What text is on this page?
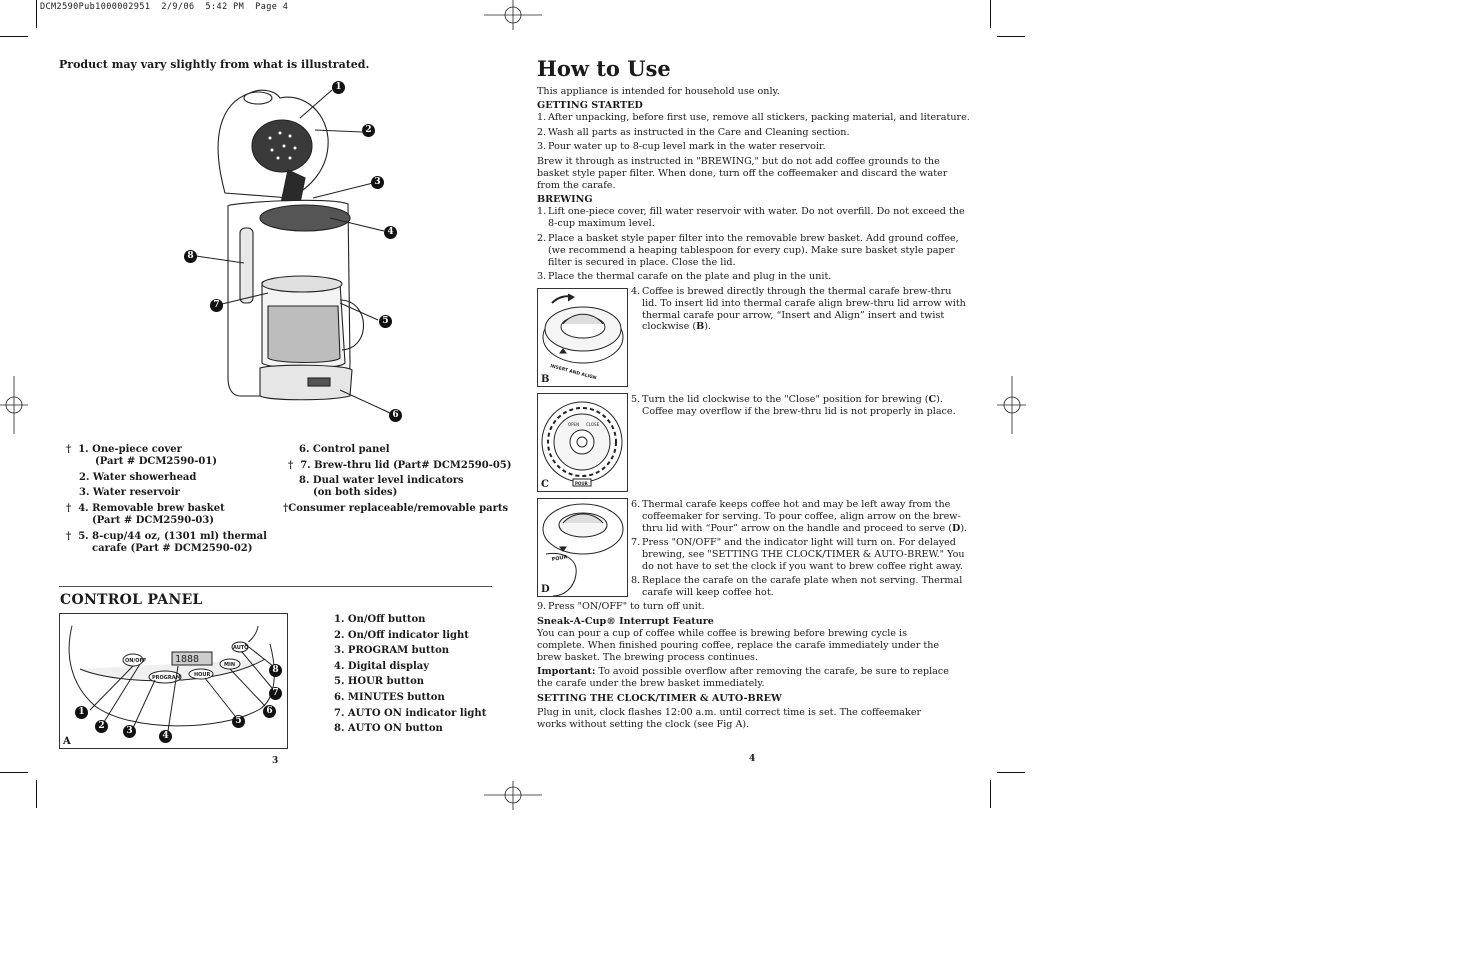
DCM2590Pub1000002951  2/9/06  5:42 PM  Page 4
Product may vary slightly from what is illustrated.
1
2
3
4
5
6
7
8
† 1. One-piece cover
(Part # DCM2590-01)
2. Water showerhead
3. Water reservoir
† 4. Removable brew basket
(Part # DCM2590-03)
† 5. 8-cup/44 oz, (1301 ml) thermal
carafe (Part # DCM2590-02)
6. Control panel
† 7. Brew-thru lid (Part# DCM2590-05)
8. Dual water level indicators
(on both sides)
†Consumer replaceable/removable parts
CONTROL PANEL
1888
ON/OFF
PROGRAM	HOUR
MIN
AUTO
A
1
2	3	4
5
6
7
8
1. On/Off button
2. On/Off indicator light
3. PROGRAM button
4. Digital display
5. HOUR button
6. MINUTES button
7. AUTO ON indicator light
8. AUTO ON button
3
How to Use
This appliance is intended for household use only.
GETTING STARTED
1. After unpacking, before first use, remove all stickers, packing material, and literature.
2. Wash all parts as instructed in the Care and Cleaning section.
3. Pour water up to 8-cup level mark in the water reservoir.
Brew it through as instructed in "BREWING," but do not add coffee grounds to the basket style paper filter. When done, turn off the coffeemaker and discard the water from the carafe.
BREWING
1. Lift one-piece cover, fill water reservoir with water. Do not overfill. Do not exceed the 8-cup maximum level.
2. Place a basket style paper filter into the removable brew basket. Add ground coffee, (we recommend a heaping tablespoon for every cup). Make sure basket style paper filter is secured in place. Close the lid.
3. Place the thermal carafe on the plate and plug in the unit.
INSERT AND ALIGN
B
4. Coffee is brewed directly through the thermal carafe brew-thru lid. To insert lid into thermal carafe align brew-thru lid arrow with thermal carafe pour arrow, “Insert and Align” insert and twist clockwise (B).
OPEN CLOSE
POUR
C
5. Turn the lid clockwise to the "Close" position for brewing (C). Coffee may overflow if the brew-thru lid is not properly in place.
POUR
D
6. Thermal carafe keeps coffee hot and may be left away from the coffeemaker for serving. To pour coffee, align arrow on the brew-thru lid with “Pour” arrow on the handle and proceed to serve (D).
7. Press "ON/OFF" and the indicator light will turn on. For delayed brewing, see "SETTING THE CLOCK/TIMER & AUTO-BREW." You do not have to set the clock if you want to brew coffee right away.
8. Replace the carafe on the carafe plate when not serving. Thermal carafe will keep coffee hot.
9. Press "ON/OFF" to turn off unit.
Sneak-A-Cup® Interrupt Feature
You can pour a cup of coffee while coffee is brewing before brewing cycle is complete. When finished pouring coffee, replace the carafe immediately under the brew basket. The brewing process continues.
Important: To avoid possible overflow after removing the carafe, be sure to replace the carafe under the brew basket immediately.
SETTING THE CLOCK/TIMER & AUTO-BREW
Plug in unit, clock flashes 12:00 a.m. until correct time is set. The coffeemaker works without setting the clock (see Fig A).
4
